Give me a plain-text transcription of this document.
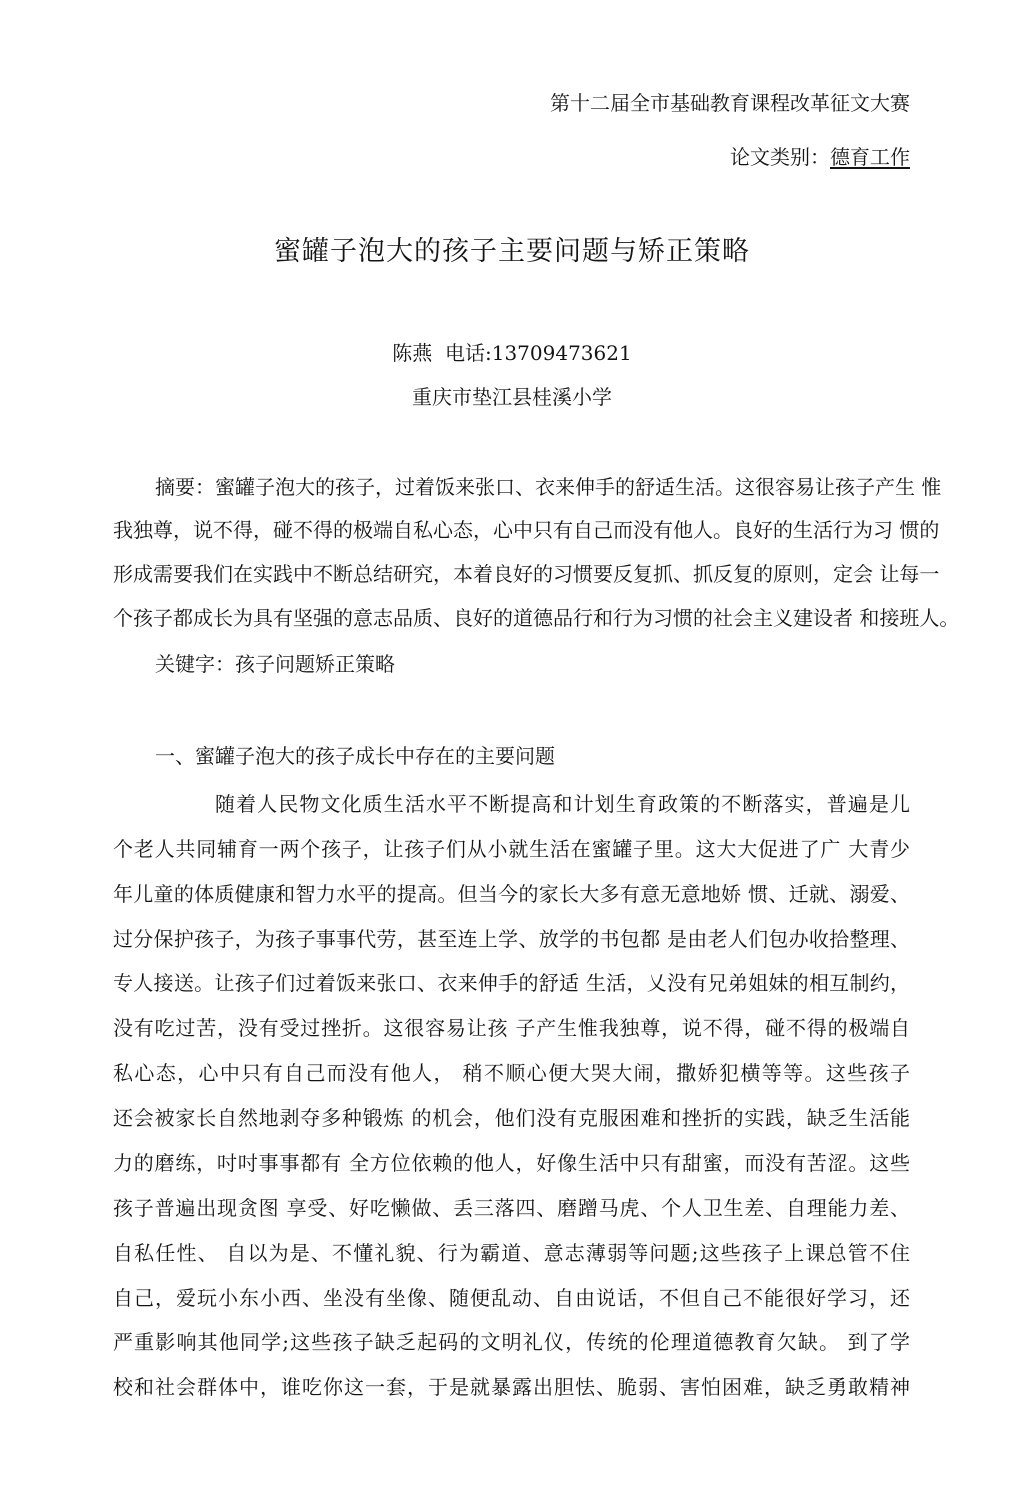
第十二届全市基础教育课程改革征文大赛
论文类别：德育工作
蜜罐子泡大的孩子主要问题与矫正策略
陈燕 电话:13709473621
重庆市垫江县桂溪小学
摘要：蜜罐子泡大的孩子，过着饭来张口、衣来伸手的舒适生活。这很容易让孩子产生 惟
我独尊，说不得，碰不得的极端自私心态，心中只有自己而没有他人。良好的生活行为习 惯的
形成需要我们在实践中不断总结研究，本着良好的习惯要反复抓、抓反复的原则，定会 让每一
个孩子都成长为具有坚强的意志品质、良好的道德品行和行为习惯的社会主义建设者 和接班人。
关键字：孩子问题矫正策略
一、蜜罐子泡大的孩子成长中存在的主要问题
随着人民物文化质生活水平不断提高和计划生育政策的不断落实，普遍是儿
个老人共同辅育一两个孩子，让孩子们从小就生活在蜜罐子里。这大大促进了广 大青少
年儿童的体质健康和智力水平的提高。但当今的家长大多有意无意地娇 惯、迁就、溺爱、
过分保护孩子，为孩子事事代劳，甚至连上学、放学的书包都 是由老人们包办收拾整理、
专人接送。让孩子们过着饭来张口、衣来伸手的舒适 生活，乂没有兄弟姐妹的相互制约，
没有吃过苦，没有受过挫折。这很容易让孩 子产生惟我独尊，说不得，碰不得的极端自
私心态，心中只有自己而没有他人， 稍不顺心便大哭大闹，撒娇犯横等等。这些孩子
还会被家长自然地剥夺多种锻炼 的机会，他们没有克服困难和挫折的实践，缺乏生活能
力的磨练，吋吋事事都有 全方位依赖的他人，好像生活中只有甜蜜，而没有苦涩。这些
孩子普遍出现贪图 享受、好吃懒做、丢三落四、磨蹭马虎、个人卫生差、自理能力差、
自私任性、 自以为是、不懂礼貌、行为霸道、意志薄弱等问题;这些孩子上课总管不住
自己，爱玩小东小西、坐没有坐像、随便乱动、自由说话，不但自己不能很好学习，还
严重影响其他同学;这些孩子缺乏起码的文明礼仪，传统的伦理道德教育欠缺。 到了学
校和社会群体中，谁吃你这一套，于是就暴露出胆怯、脆弱、害怕困难，缺乏勇敢精神
